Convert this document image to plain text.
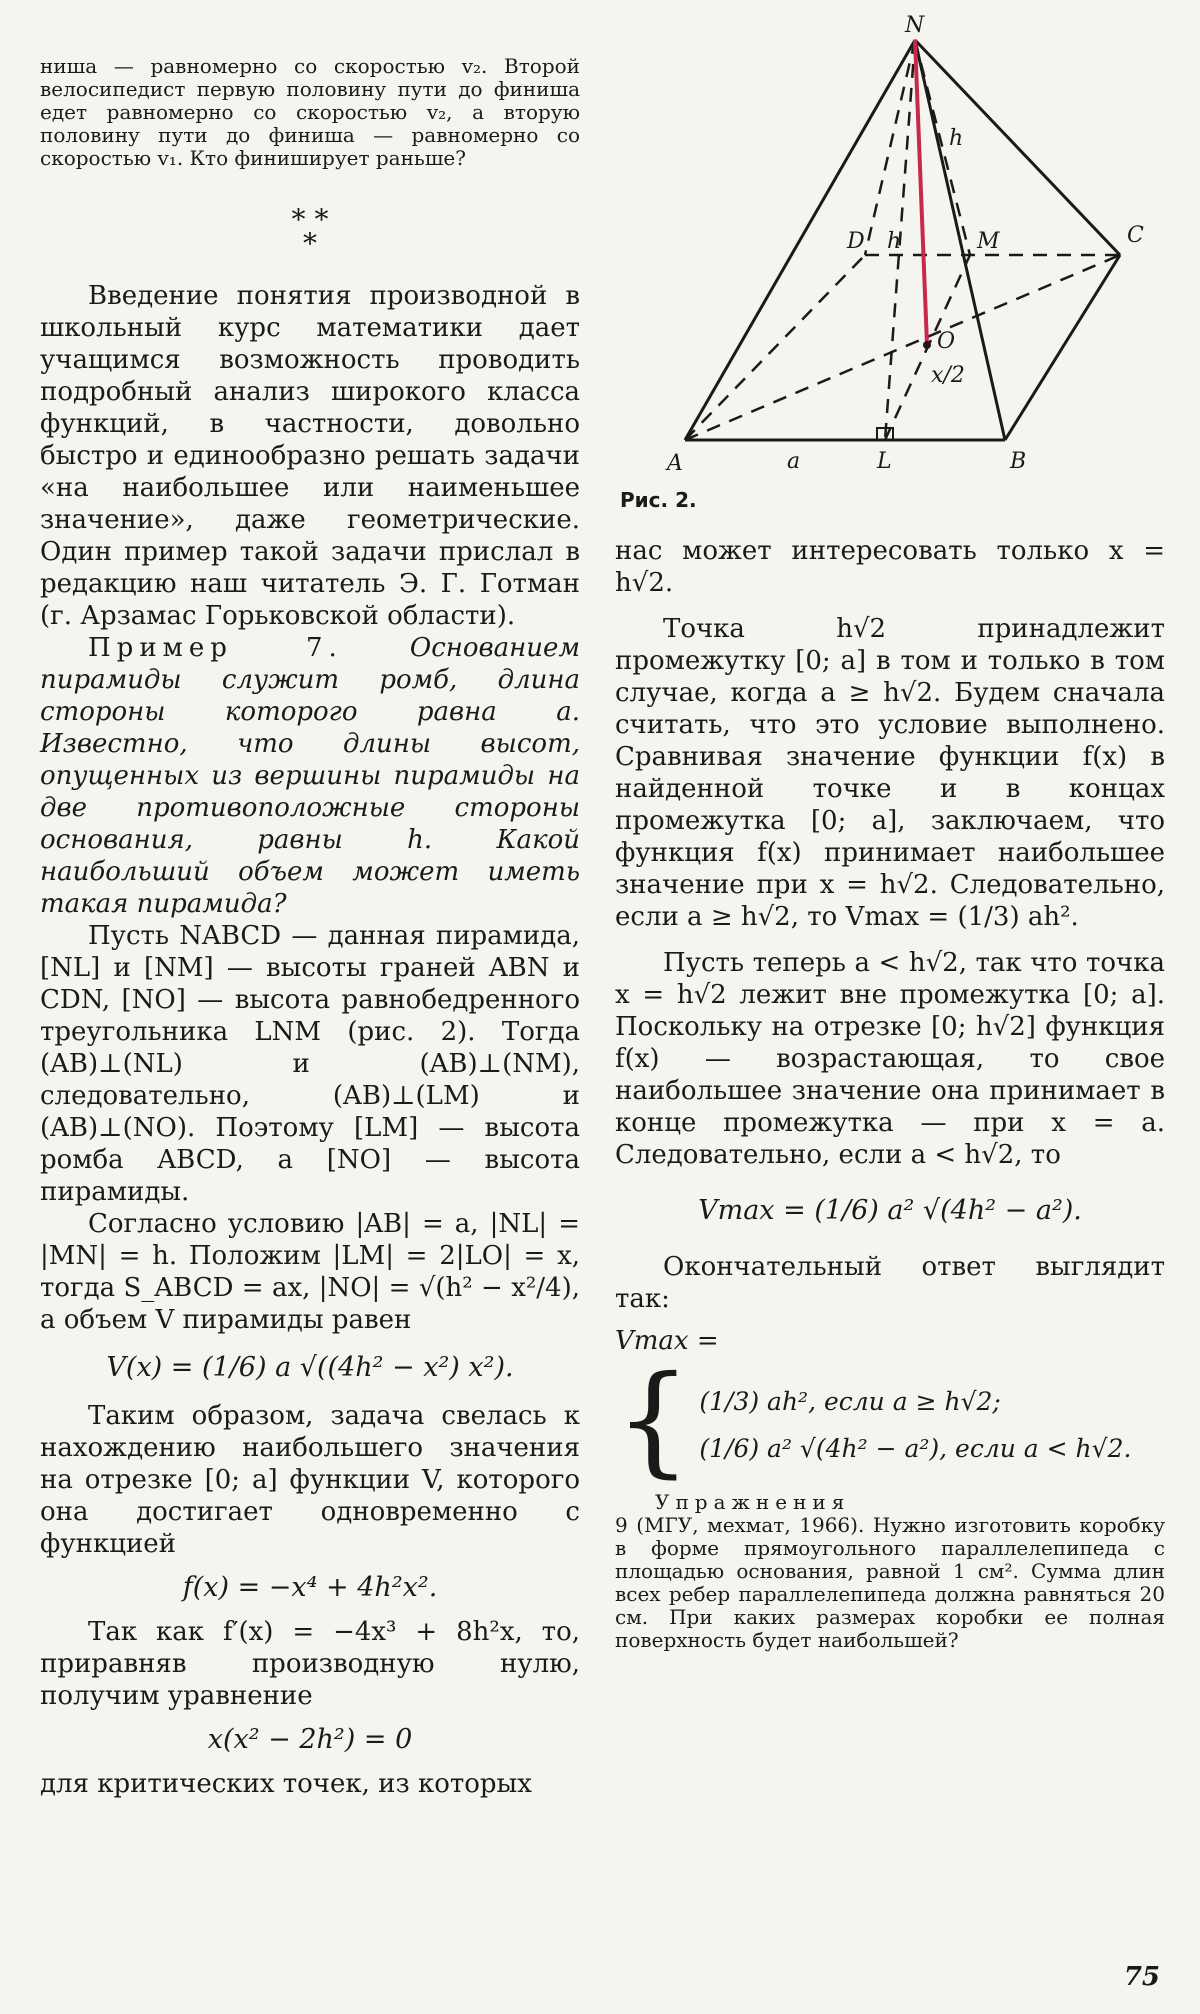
ниша — равномерно со скоростью v₂. Второй велосипедист первую половину пути до финиша едет равномерно со скоростью v₂, а вторую половину пути до финиша — равномерно со скоростью v₁. Кто финиширует раньше?

* *
*

Введение понятия производной в школьный курс математики дает учащимся возможность проводить подробный анализ широкого класса функций, в частности, довольно быстро и единообразно решать задачи «на наибольшее или наименьшее значение», даже геометрические. Один пример такой задачи прислал в редакцию наш читатель Э. Г. Готман (г. Арзамас Горьковской области).

Пример 7.	Основанием пирамиды служит ромб, длина стороны которого равна a. Известно, что длины высот, опущенных из вершины пирамиды на две противоположные стороны основания, равны h. Какой наибольший объем может иметь такая пирамида?

Пусть NABCD — данная пирамида, [NL] и [NM] — высоты граней ABN и CDN, [NO] — высота равнобедренного треугольника LNM (рис. 2). Тогда (AB)⊥(NL) и (AB)⊥(NM), следовательно, (AB)⊥(LM) и (AB)⊥(NO). Поэтому [LM] — высота ромба ABCD, а [NO] — высота пирамиды.

Согласно условию |AB| = a, |NL| = |MN| = h. Положим |LM| = 2|LO| = x, тогда S_ABCD = ax, |NO| = √(h² − x²/4), а объем V пирамиды равен

V(x) = (1/6) a √((4h² − x²) x²).

Таким образом, задача свелась к нахождению наибольшего значения на отрезке [0; a] функции V, которого она достигает одновременно с функцией

f(x) = −x⁴ + 4h²x².

Так как f′(x) = −4x³ + 8h²x, то, приравняв производную нулю, получим уравнение

x(x² − 2h²) = 0

для критических точек, из которых

N
h
D h	M	C
O
x/2
A	a	L	B
Рис. 2.

нас может интересовать только x = h√2.

Точка h√2 принадлежит промежутку [0; a] в том и только в том случае, когда a ≥ h√2. Будем сначала считать, что это условие выполнено. Сравнивая значение функции f(x) в найденной точке и в концах промежутка [0; a], заключаем, что функция f(x) принимает наибольшее значение при x = h√2. Следовательно, если a ≥ h√2, то Vmax = (1/3) ah².

Пусть теперь a < h√2, так что точка x = h√2 лежит вне промежутка [0; a]. Поскольку на отрезке [0; h√2] функция f(x) — возрастающая, то свое наибольшее значение она принимает в конце промежутка — при x = a. Следовательно, если a < h√2, то

Vmax = (1/6) a² √(4h² − a²).

Окончательный ответ выглядит так:

Vmax =
{ (1/3) ah², если a ≥ h√2;
(1/6) a² √(4h² − a²), если a < h√2.
Упражнения

9 (МГУ, мехмат, 1966). Нужно изготовить коробку в форме прямоугольного параллелепипеда с площадью основания, равной 1 см². Сумма длин всех ребер параллелепипеда должна равняться 20 см. При каких размерах коробки ее полная поверхность будет наибольшей?

75
